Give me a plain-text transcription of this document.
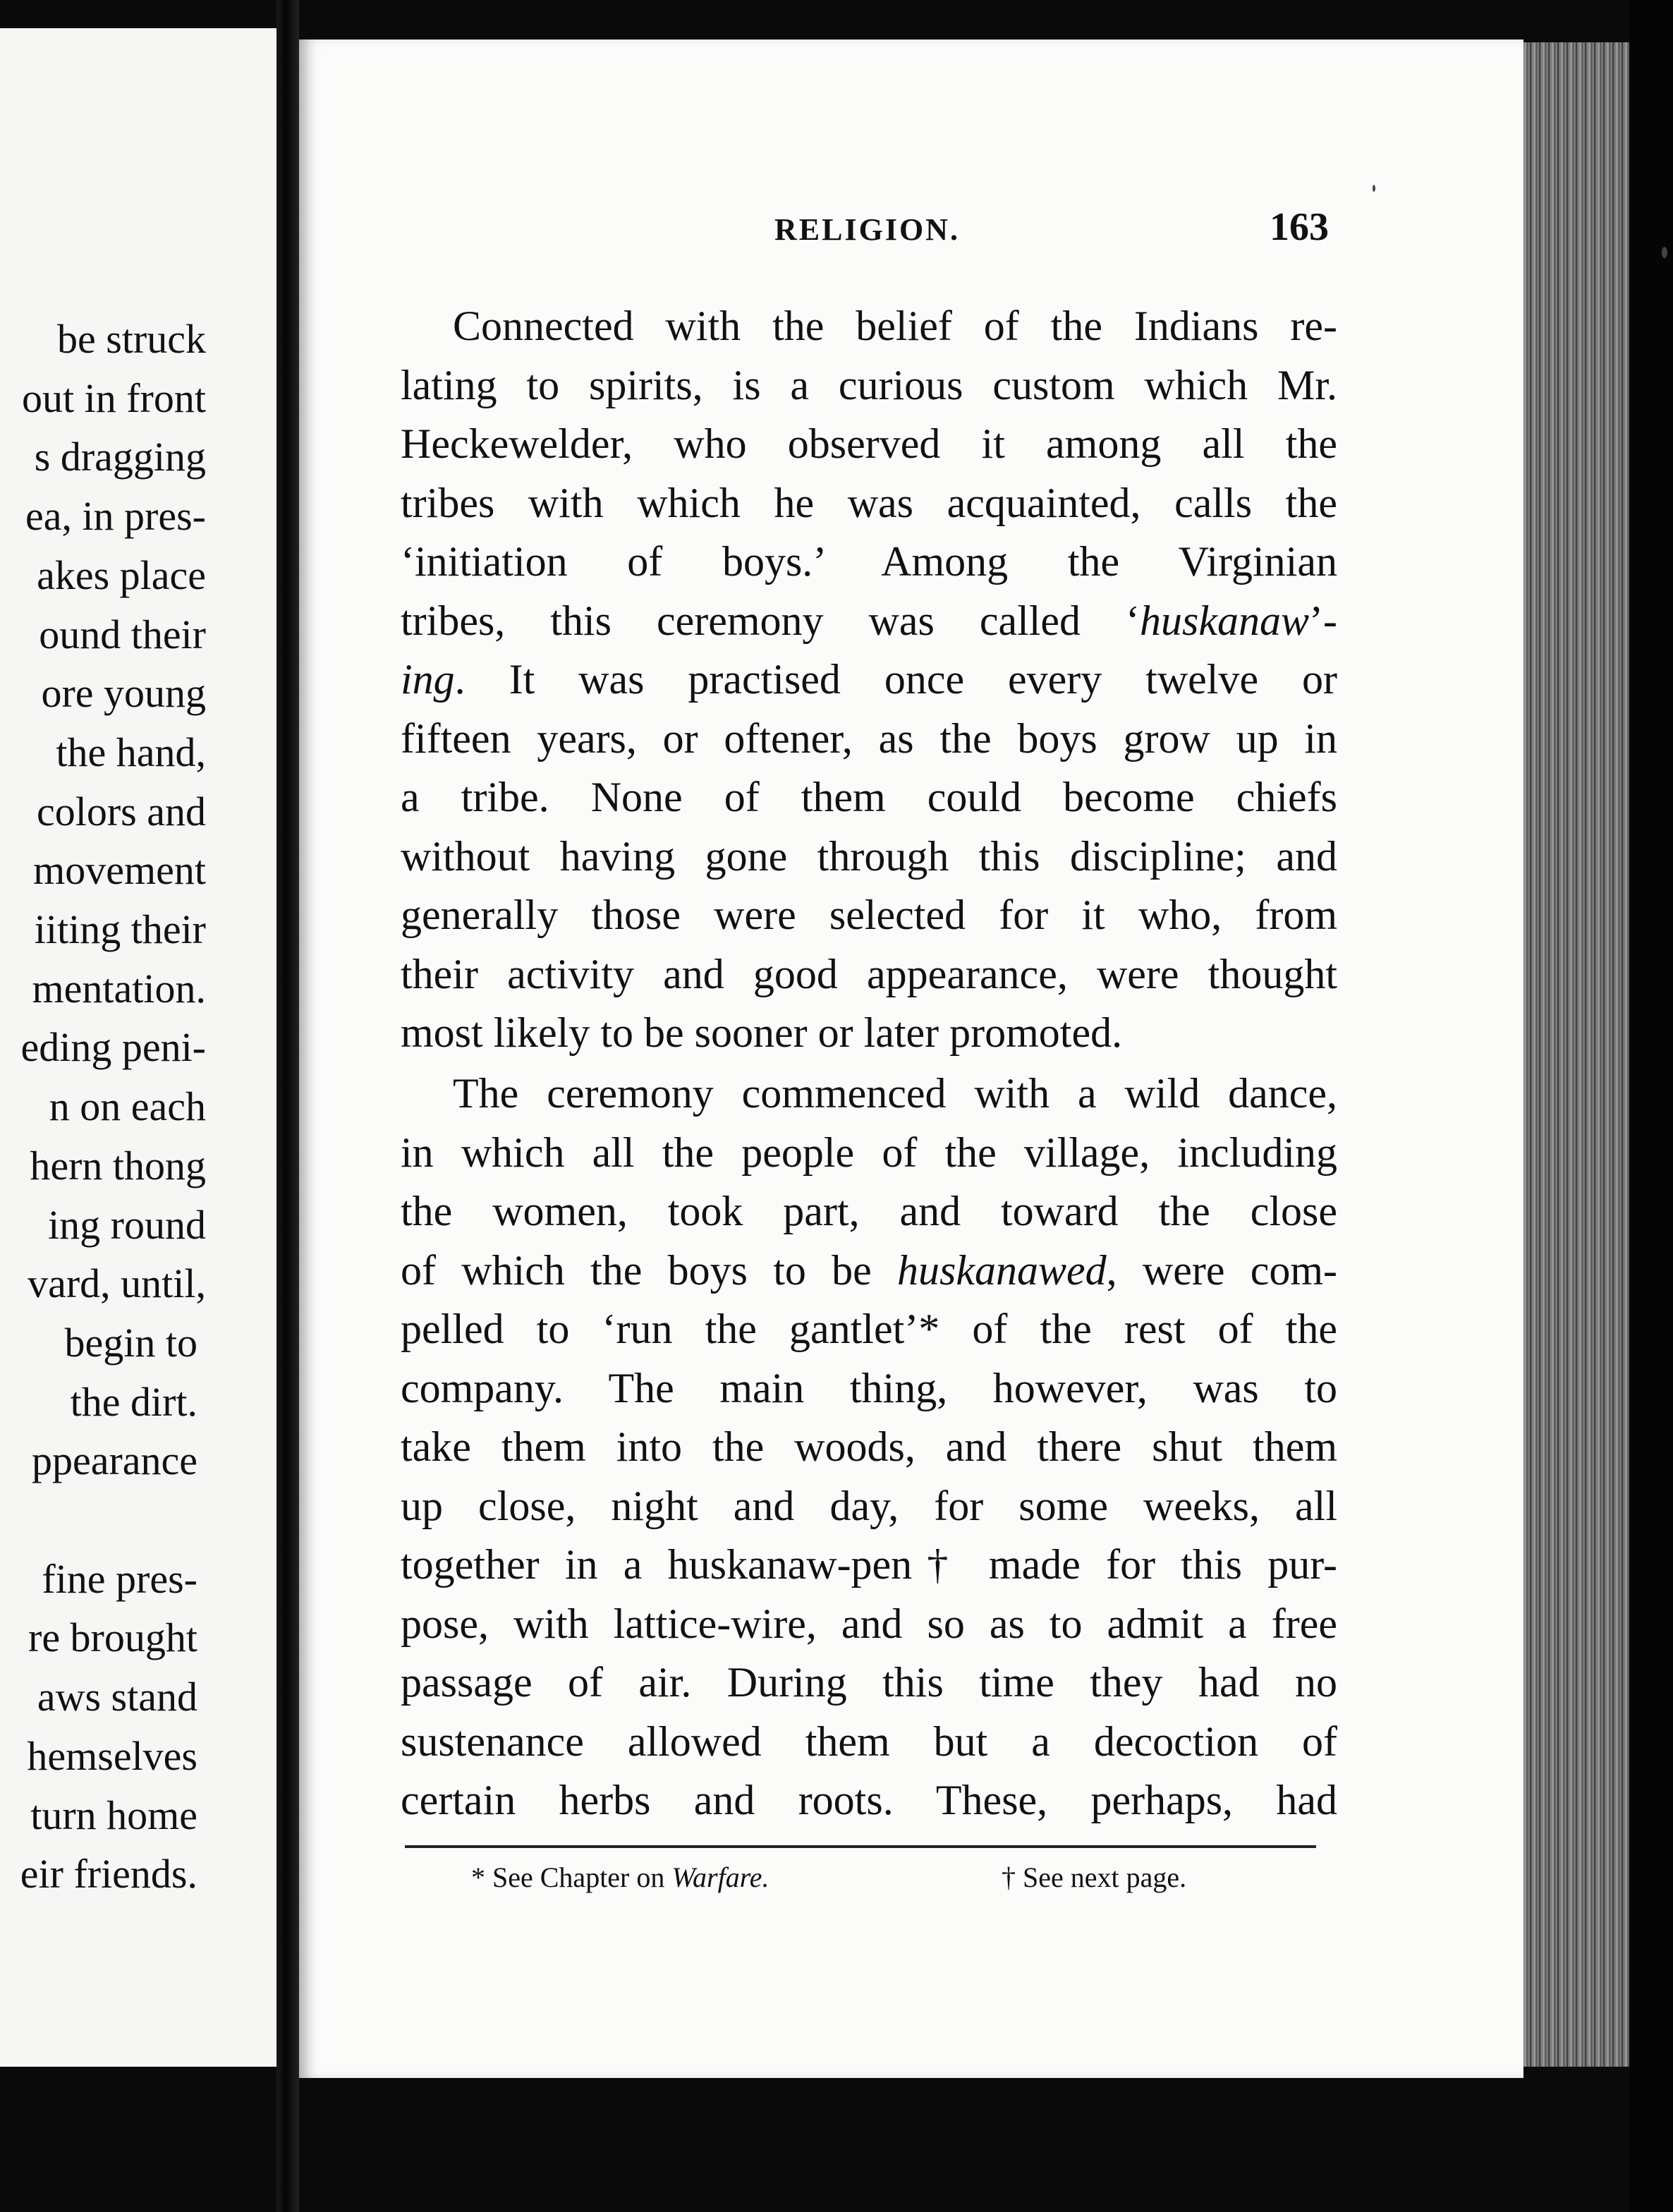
be struck
out in front
s dragging
ea, in pres-
akes place
ound their
ore young
the hand,
colors and
movement
iiting their
mentation.
eding peni-
n on each
hern thong
ing round
vard, until,
begin to
the dirt.
ppearance
fine pres-
re brought
aws stand
hemselves
turn home
eir friends.
RELIGION.	163
Connected with the belief of the Indians re-
lating to spirits, is a curious custom which Mr.
Heckewelder, who observed it among all the
tribes with which he was acquainted, calls the
‘initiation of boys.’ Among the Virginian
tribes, this ceremony was called ‘huskanaw’-
ing. It was practised once every twelve or
fifteen years, or oftener, as the boys grow up in
a tribe. None of them could become chiefs
without having gone through this discipline; and
generally those were selected for it who, from
their activity and good appearance, were thought
most likely to be sooner or later promoted.
The ceremony commenced with a wild dance,
in which all the people of the village, including
the women, took part, and toward the close
of which the boys to be huskanawed, were com-
pelled to ‘run the gantlet’* of the rest of the
company. The main thing, however, was to
take them into the woods, and there shut them
up close, night and day, for some weeks, all
together in a huskanaw-pen† made for this pur-
pose, with lattice-wire, and so as to admit a free
passage of air. During this time they had no
sustenance allowed them but a decoction of
certain herbs and roots. These, perhaps, had
* See Chapter on Warfare.	† See next page.
